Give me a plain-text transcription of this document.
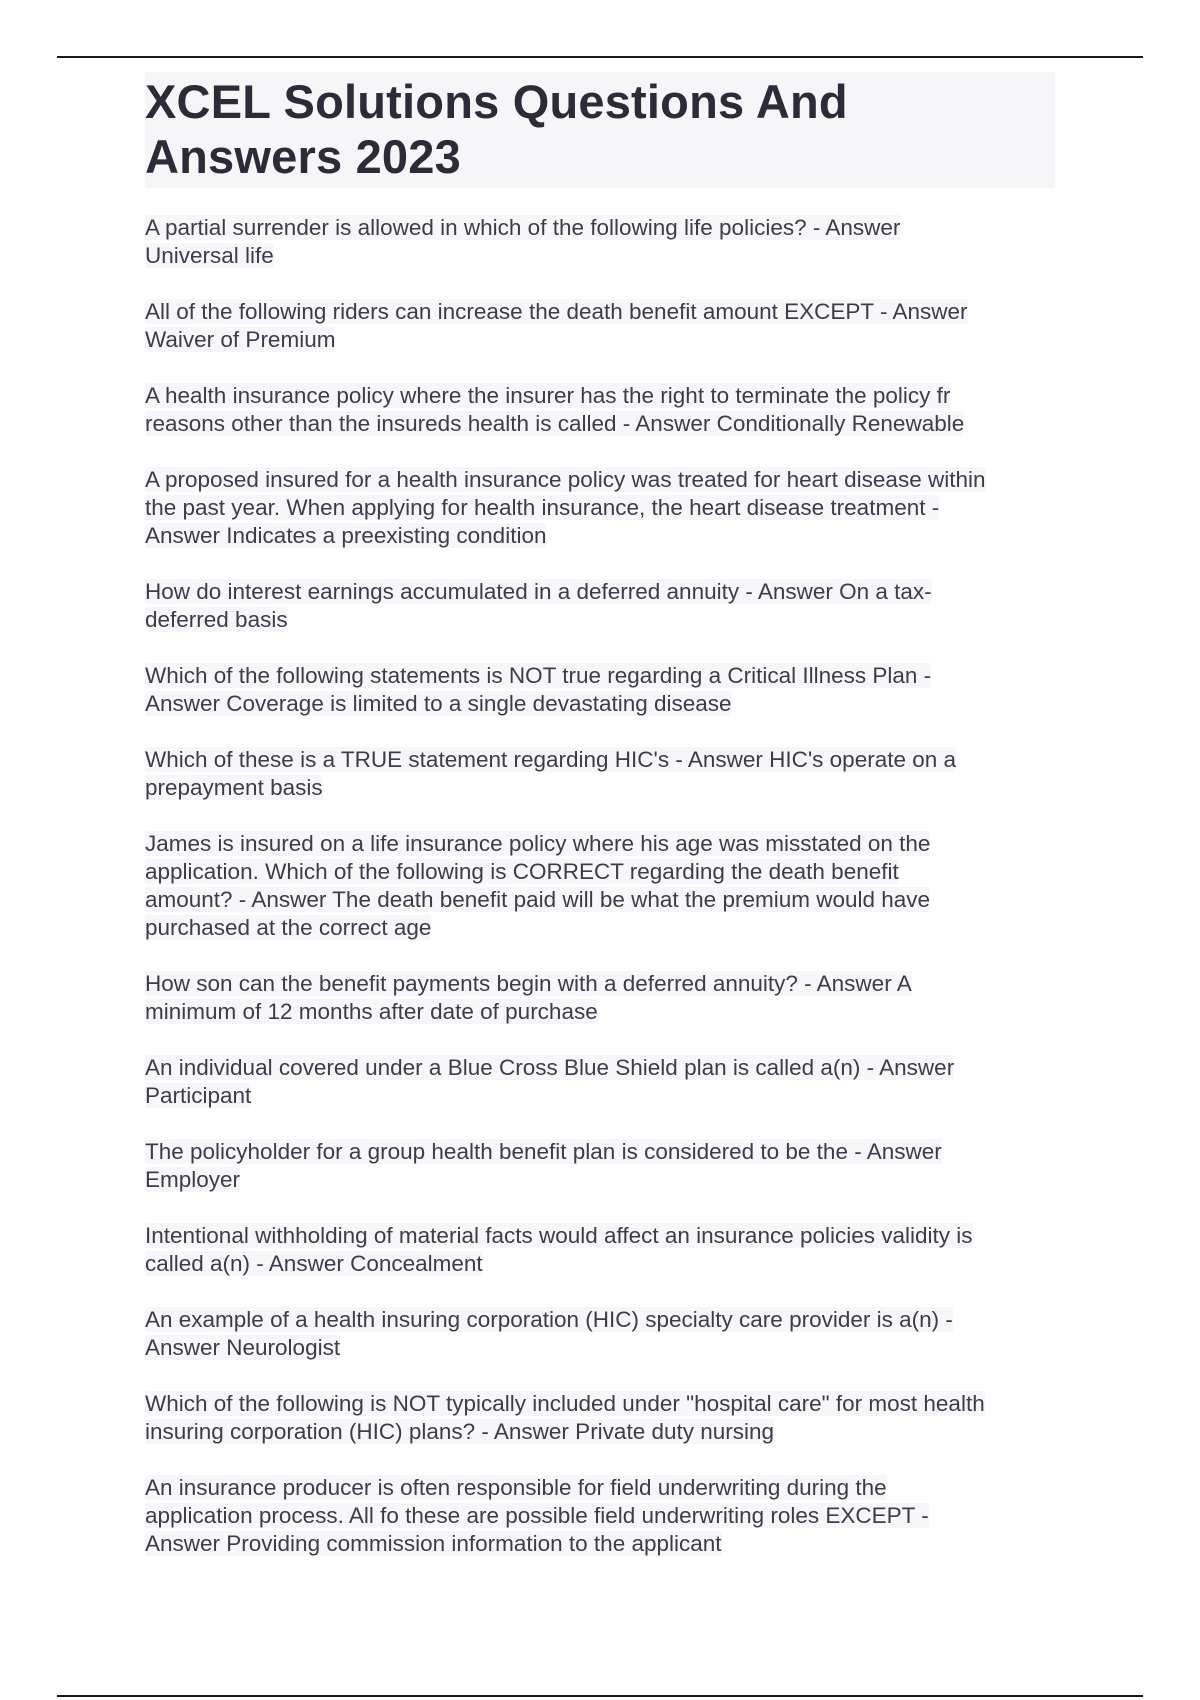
XCEL Solutions Questions And
Answers 2023
A partial surrender is allowed in which of the following life policies? - Answer
Universal life
All of the following riders can increase the death benefit amount EXCEPT - Answer
Waiver of Premium
A health insurance policy where the insurer has the right to terminate the policy fr
reasons other than the insureds health is called - Answer Conditionally Renewable
A proposed insured for a health insurance policy was treated for heart disease within
the past year. When applying for health insurance, the heart disease treatment -
Answer Indicates a preexisting condition
How do interest earnings accumulated in a deferred annuity - Answer On a tax-
deferred basis
Which of the following statements is NOT true regarding a Critical Illness Plan -
Answer Coverage is limited to a single devastating disease
Which of these is a TRUE statement regarding HIC's - Answer HIC's operate on a
prepayment basis
James is insured on a life insurance policy where his age was misstated on the
application. Which of the following is CORRECT regarding the death benefit
amount? - Answer The death benefit paid will be what the premium would have
purchased at the correct age
How son can the benefit payments begin with a deferred annuity? - Answer A
minimum of 12 months after date of purchase
An individual covered under a Blue Cross Blue Shield plan is called a(n) - Answer
Participant
The policyholder for a group health benefit plan is considered to be the - Answer
Employer
Intentional withholding of material facts would affect an insurance policies validity is
called a(n) - Answer Concealment
An example of a health insuring corporation (HIC) specialty care provider is a(n) -
Answer Neurologist
Which of the following is NOT typically included under "hospital care" for most health
insuring corporation (HIC) plans? - Answer Private duty nursing
An insurance producer is often responsible for field underwriting during the
application process. All fo these are possible field underwriting roles EXCEPT -
Answer Providing commission information to the applicant
